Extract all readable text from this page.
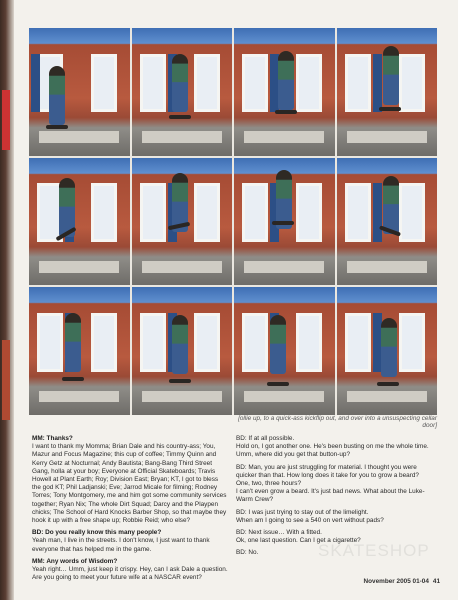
[ollie up, to a quick-ass kickflip out, and over into a unsuspecting cellar door]
MM: Thanks?
I want to thank my Momma; Brian Dale and his country-ass; You, Mazur and Focus Magazine; this cup of coffee; Timmy Quinn and Kerry Getz at Nocturnal; Andy Bautista; Bang-Bang Third Street Gang, holla at your boy; Everyone at Official Skateboards; Travis Howell at Plant Earth; Roy; Division East; Bryan; KT, I got to bless the god KT; Phil Ladjanski; Eve; Jarrod Micale for filming; Rodney Torres; Tony Montgomery, me and him got some community services together; Ryan Nix; The whole Dirt Squad; Darcy and the Playpen chicks; The School of Hard Knocks Barber Shop, so that maybe they hook it up with a free shape up; Robbie Reid; who else?
BD: Do you really know this many people?
Yeah man, I live in the streets. I don't know, I just want to thank everyone that has helped me in the game.
MM: Any words of Wisdom?
Yeah right… Umm, just keep it crispy. Hey, can I ask Dale a question. Are you going to meet your future wife at a NASCAR event?
BD: If at all possible.
Hold on, I got another one. He's been busting on me the whole time. Umm, where did you get that button-up?
BD: Man, you are just struggling for material. I thought you were quicker than that. How long does it take for you to grow a beard?
One, two, three hours?
I can't even grow a beard. It's just bad news. What about the Luke-Warm Crew?
BD: I was just trying to stay out of the limelight.
When am I going to see a 540 on vert without pads?
BD: Next issue… With a fitted.
Ok, one last question. Can I get a cigarette?
BD: No.	SKATESHOP
November 2005 01-04 41
